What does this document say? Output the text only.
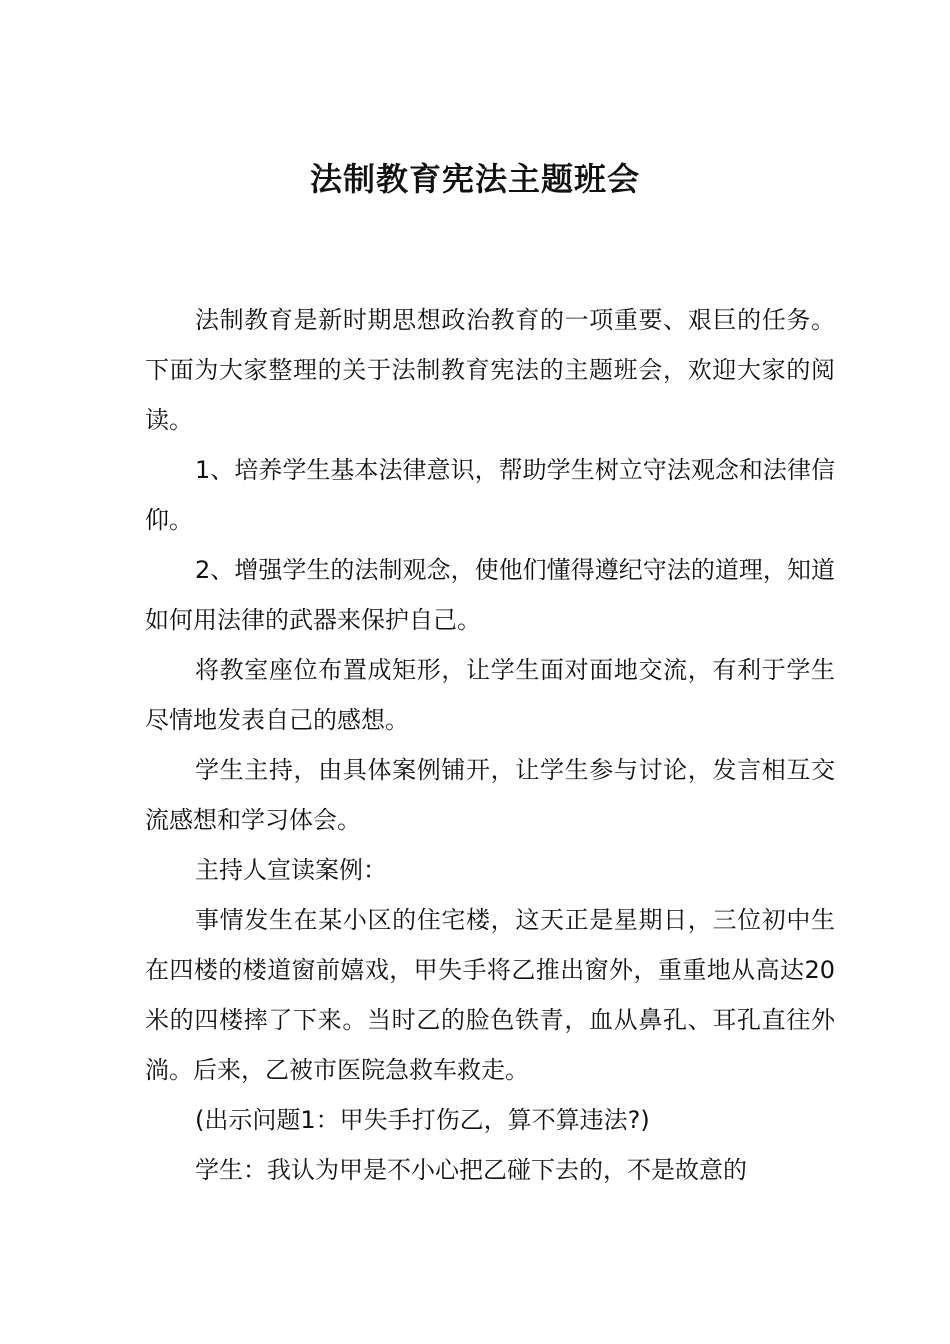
法制教育宪法主题班会

法制教育是新时期思想政治教育的一项重要、艰巨的任务。下面为大家整理的关于法制教育宪法的主题班会，欢迎大家的阅读。

1、培养学生基本法律意识，帮助学生树立守法观念和法律信仰。

2、增强学生的法制观念，使他们懂得遵纪守法的道理，知道如何用法律的武器来保护自己。

将教室座位布置成矩形，让学生面对面地交流，有利于学生尽情地发表自己的感想。

学生主持，由具体案例铺开，让学生参与讨论，发言相互交流感想和学习体会。

主持人宣读案例：

事情发生在某小区的住宅楼，这天正是星期日，三位初中生在四楼的楼道窗前嬉戏，甲失手将乙推出窗外，重重地从高达20米的四楼摔了下来。当时乙的脸色铁青，血从鼻孔、耳孔直往外淌。后来，乙被市医院急救车救走。

(出示问题1：甲失手打伤乙，算不算违法?)

学生：我认为甲是不小心把乙碰下去的，不是故意的
